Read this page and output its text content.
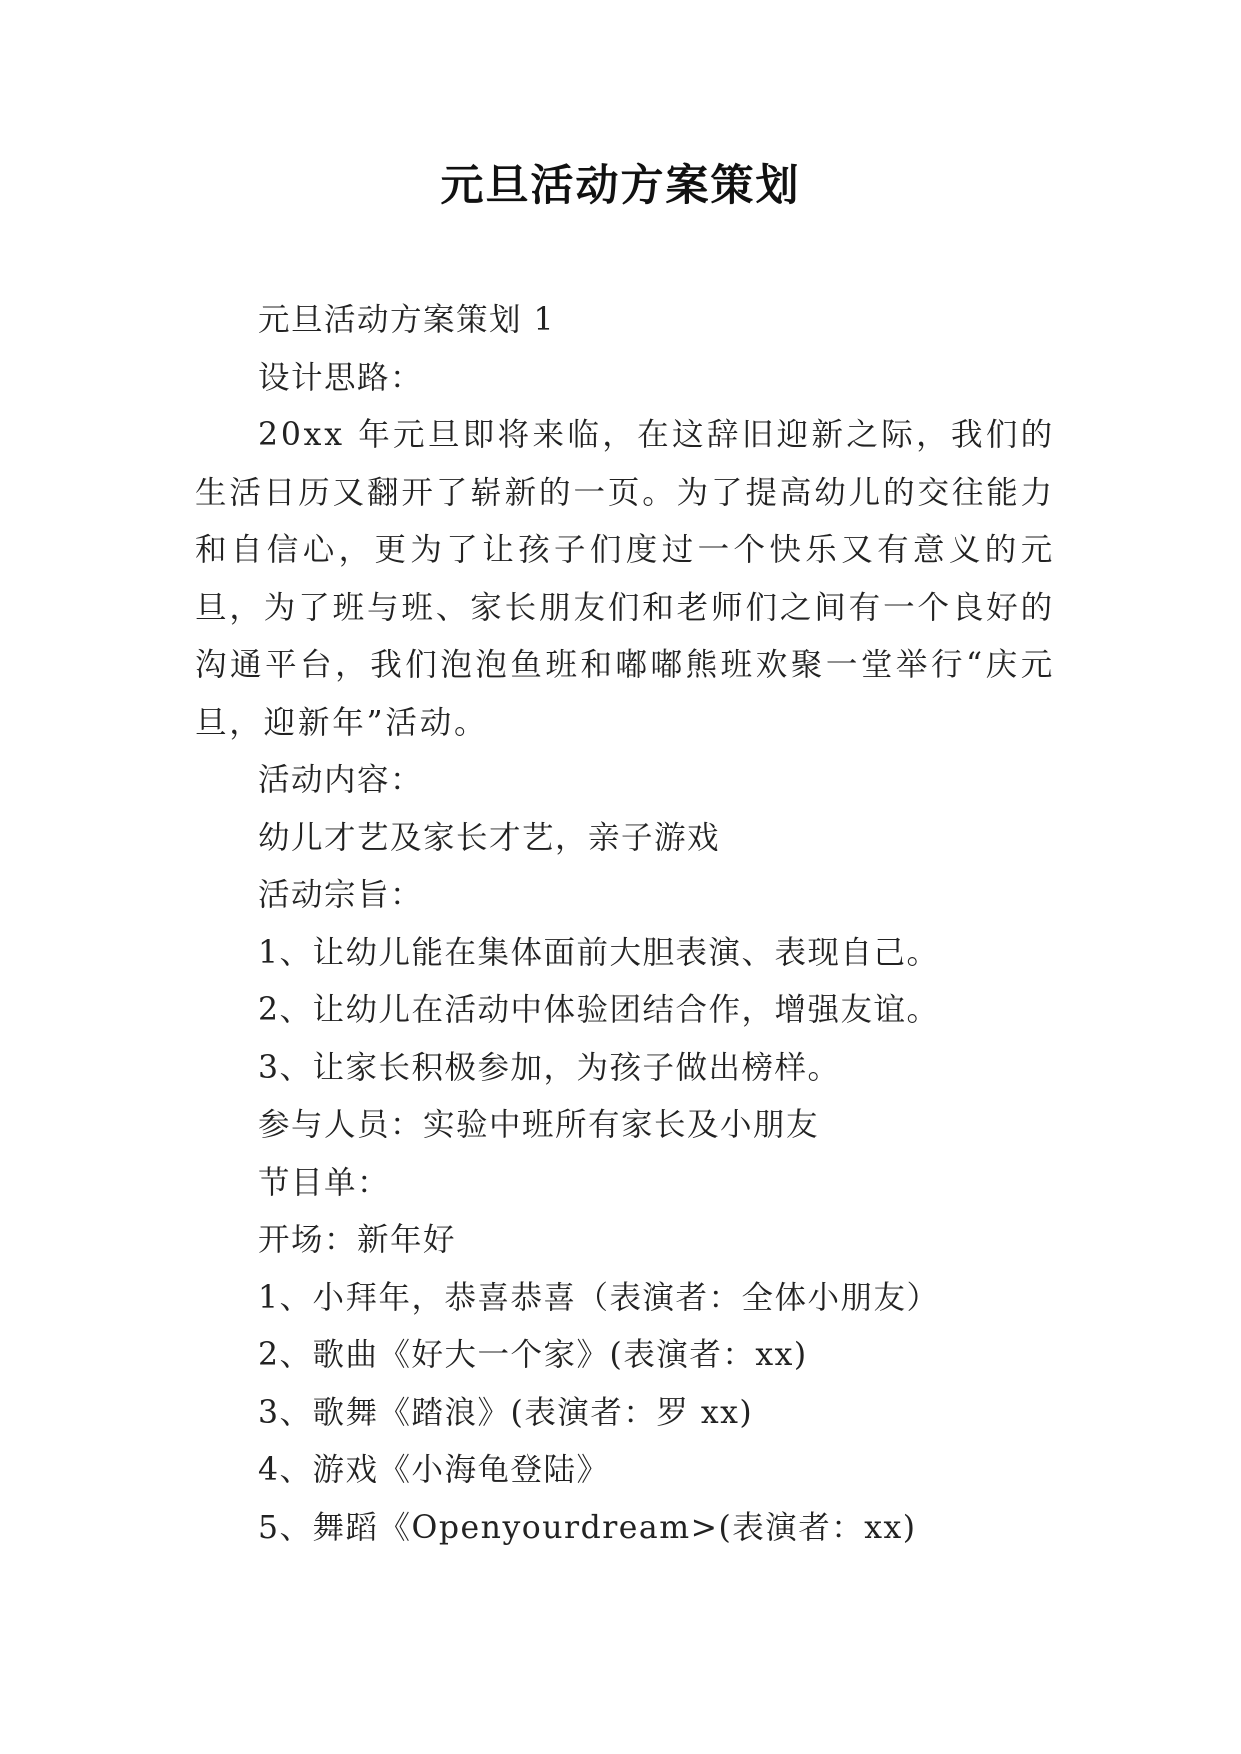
元旦活动方案策划

元旦活动方案策划 1

设计思路：

20xx 年元旦即将来临，在这辞旧迎新之际，我们的生活日历又翻开了崭新的一页。为了提高幼儿的交往能力和自信心，更为了让孩子们度过一个快乐又有意义的元旦，为了班与班、家长朋友们和老师们之间有一个良好的沟通平台，我们泡泡鱼班和嘟嘟熊班欢聚一堂举行“庆元旦，迎新年”活动。

活动内容：

幼儿才艺及家长才艺，亲子游戏

活动宗旨：

1、让幼儿能在集体面前大胆表演、表现自己。

2、让幼儿在活动中体验团结合作，增强友谊。

3、让家长积极参加，为孩子做出榜样。

参与人员：实验中班所有家长及小朋友

节目单：

开场：新年好

1、小拜年，恭喜恭喜（表演者：全体小朋友）

2、歌曲《好大一个家》(表演者：xx)

3、歌舞《踏浪》(表演者：罗 xx)

4、游戏《小海龟登陆》

5、舞蹈《Openyourdream>(表演者：xx)
